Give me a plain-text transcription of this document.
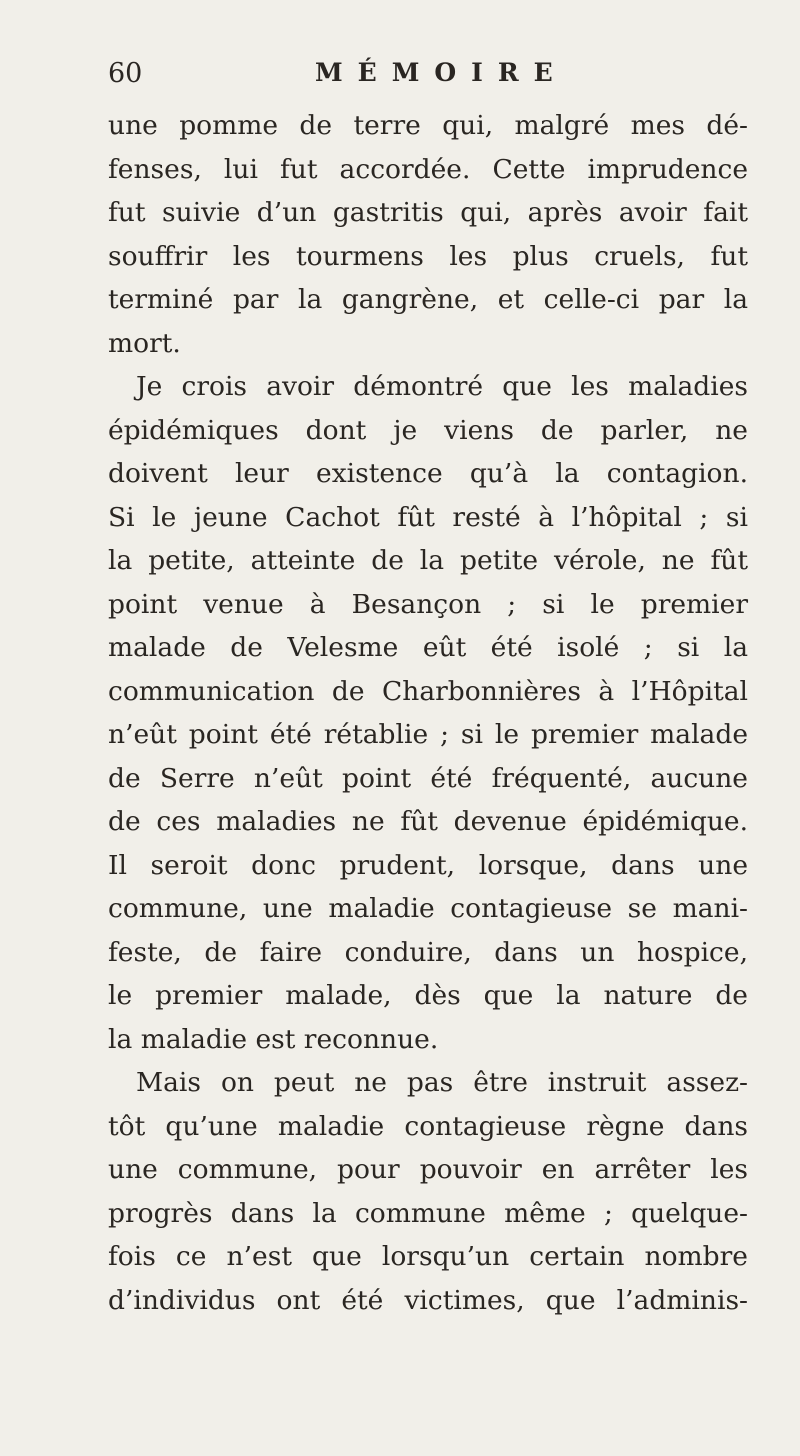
60	MÉMOIRE
une pomme de terre qui, malgré mes dé-
fenses, lui fut accordée. Cette imprudence
fut suivie d’un gastritis qui, après avoir fait
souffrir les tourmens les plus cruels, fut
terminé par la gangrène, et celle-ci par la
mort.
Je crois avoir démontré que les maladies
épidémiques dont je viens de parler, ne
doivent leur existence qu’à la contagion.
Si le jeune Cachot fût resté à l’hôpital ; si
la petite, atteinte de la petite vérole, ne fût
point venue à Besançon ; si le premier
malade de Velesme eût été isolé ; si la
communication de Charbonnières à l’Hôpital
n’eût point été rétablie ; si le premier malade
de Serre n’eût point été fréquenté, aucune
de ces maladies ne fût devenue épidémique.
Il seroit donc prudent, lorsque, dans une
commune, une maladie contagieuse se mani-
feste, de faire conduire, dans un hospice,
le premier malade, dès que la nature de
la maladie est reconnue.
Mais on peut ne pas être instruit assez-
tôt qu’une maladie contagieuse règne dans
une commune, pour pouvoir en arrêter les
progrès dans la commune même ; quelque-
fois ce n’est que lorsqu’un certain nombre
d’individus ont été victimes, que l’adminis-
